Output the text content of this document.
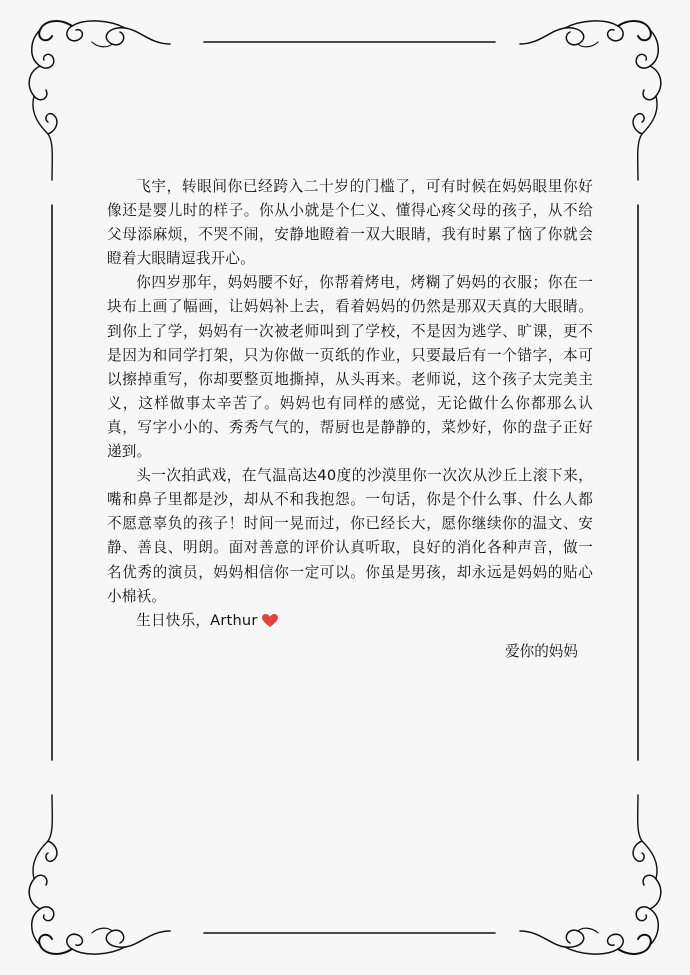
飞宇，转眼间你已经跨入二十岁的门槛了，可有时候在妈妈眼里你好像还是婴儿时的样子。你从小就是个仁义、懂得心疼父母的孩子，从不给父母添麻烦，不哭不闹，安静地瞪着一双大眼睛，我有时累了恼了你就会瞪着大眼睛逗我开心。

你四岁那年，妈妈腰不好，你帮着烤电，烤糊了妈妈的衣服；你在一块布上画了幅画，让妈妈补上去，看着妈妈的仍然是那双天真的大眼睛。到你上了学，妈妈有一次被老师叫到了学校，不是因为逃学、旷课，更不是因为和同学打架，只为你做一页纸的作业，只要最后有一个错字，本可以擦掉重写，你却要整页地撕掉，从头再来。老师说，这个孩子太完美主义，这样做事太辛苦了。妈妈也有同样的感觉，无论做什么你都那么认真，写字小小的、秀秀气气的，帮厨也是静静的，菜炒好，你的盘子正好递到。

头一次拍武戏，在气温高达40度的沙漠里你一次次从沙丘上滚下来，嘴和鼻子里都是沙，却从不和我抱怨。一句话，你是个什么事、什么人都不愿意辜负的孩子！时间一晃而过，你已经长大，愿你继续你的温文、安静、善良、明朗。面对善意的评价认真听取，良好的消化各种声音，做一名优秀的演员，妈妈相信你一定可以。你虽是男孩，却永远是妈妈的贴心小棉袄。

生日快乐，Arthur

爱你的妈妈
